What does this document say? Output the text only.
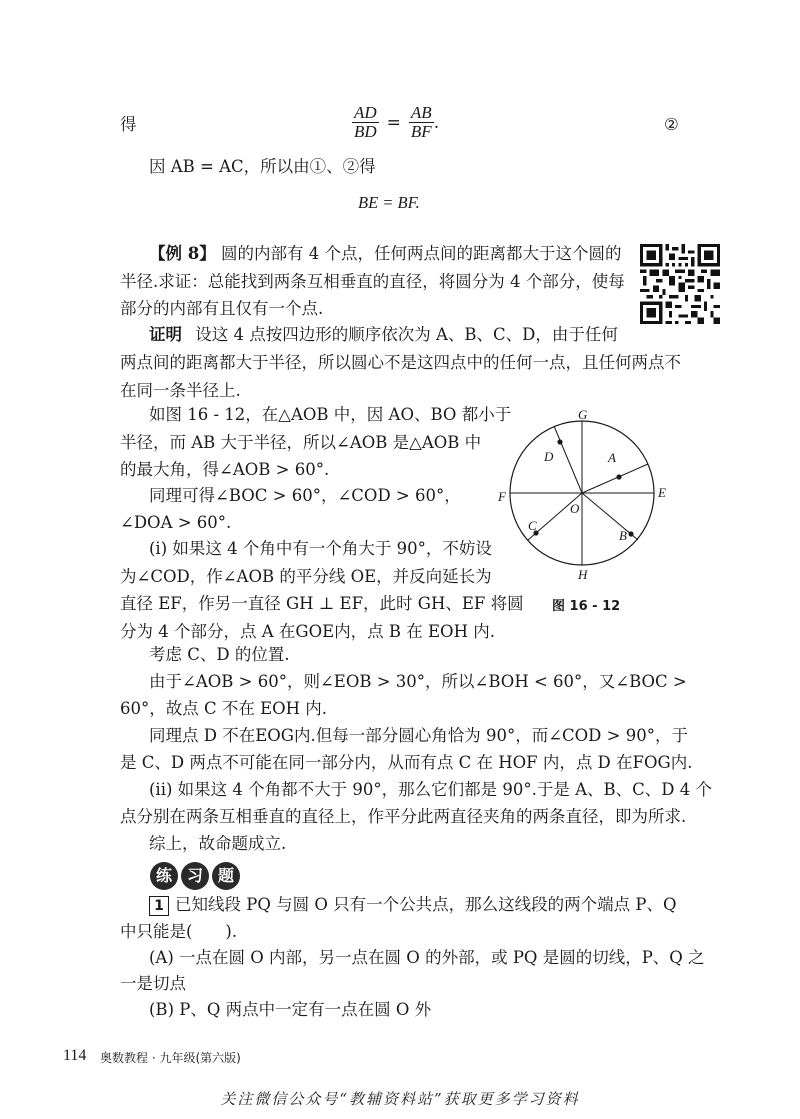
得	$\frac{AD}{BD} = \frac{AB}{BF}$ .	②
因 AB = AC，所以由①、②得
BE = BF.
【例 8】 圆的内部有 4 个点，任何两点间的距离都大于这个圆的
半径.求证：总能找到两条互相垂直的直径，将圆分为 4 个部分，使每
部分的内部有且仅有一个点.
证明 设这 4 点按四边形的顺序依次为 A、B、C、D，由于任何
两点间的距离都大于半径，所以圆心不是这四点中的任何一点，且任何两点不
在同一条半径上.
如图 16 - 12，在△AOB 中，因 AO、BO 都小于
半径，而 AB 大于半径，所以∠AOB 是△AOB 中
的最大角，得∠AOB > 60°.
同理可得∠BOC > 60°，∠COD > 60°，
∠DOA > 60°.
(i) 如果这 4 个角中有一个角大于 90°，不妨设
为∠COD，作∠AOB 的平分线 OE，并反向延长为
直径 EF，作另一直径 GH ⊥ EF，此时 GH、EF 将圆
分为 4 个部分，点 A 在GOE内，点 B 在 EOH 内.
考虑 C、D 的位置.
由于∠AOB > 60°，则∠EOB > 30°，所以∠BOH < 60°，又∠BOC >
60°，故点 C 不在 EOH 内.
同理点 D 不在EOG内.但每一部分圆心角恰为 90°，而∠COD > 90°，于
是 C、D 两点不可能在同一部分内，从而有点 C 在 HOF 内，点 D 在FOG内.
(ii) 如果这 4 个角都不大于 90°，那么它们都是 90°.于是 A、B、C、D 4 个
点分别在两条互相垂直的直径上，作平分此两直径夹角的两条直径，即为所求.
综上，故命题成立.
G
H
E
F
O
A
B
C
D
图 16 - 12
练 习 题
1 已知线段 PQ 与圆 O 只有一个公共点，那么这线段的两个端点 P、Q
中只能是(　　).
(A) 一点在圆 O 内部，另一点在圆 O 的外部，或 PQ 是圆的切线，P、Q 之
一是切点
(B) P、Q 两点中一定有一点在圆 O 外
114 奥数教程 · 九年级(第六版)
关注微信公众号“教辅资料站”获取更多学习资料
